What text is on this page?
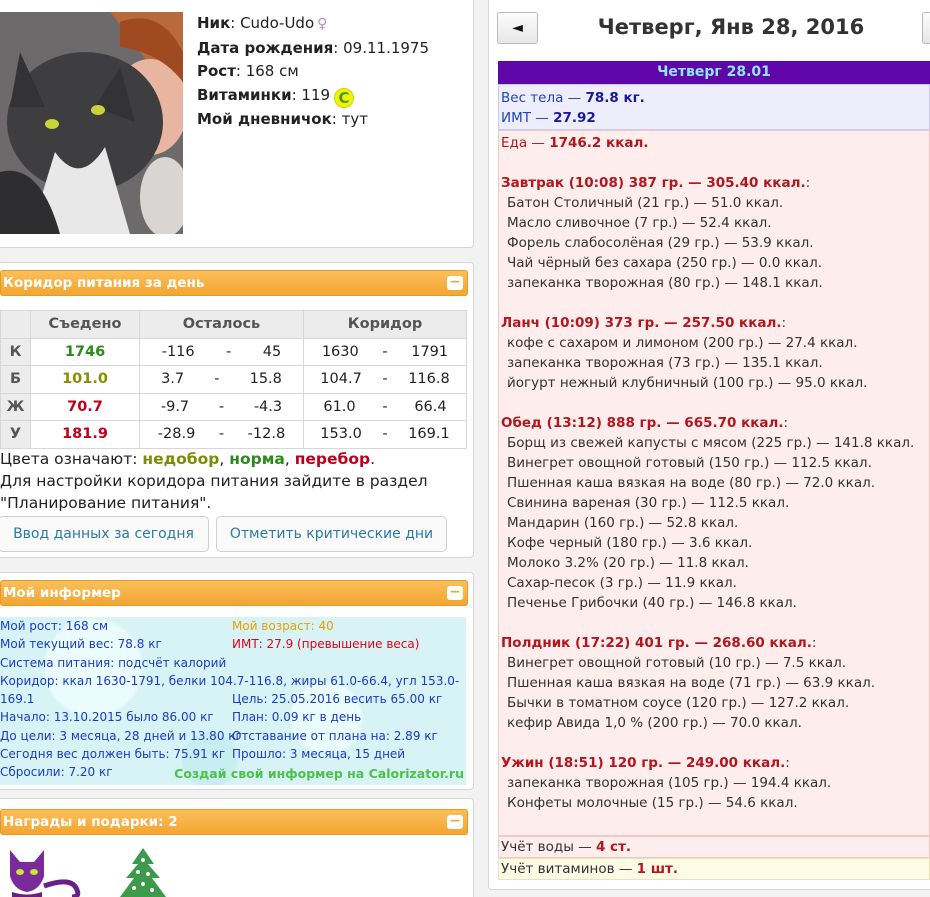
Ник: Cudo-Udo ♀
Дата рождения: 09.11.1975
Рост: 168 см
Витаминки: 119 C
Мой дневничок: тут
Коридор питания за день	−
	Съедено	Осталось	Коридор
К	1746	-116 - 45	1630 - 1791

Б	101.0	3.7 - 15.8	104.7 - 116.8

Ж	70.7	-9.7 - -4.3	61.0 - 66.4

У	181.9	-28.9 - -12.8	153.0 - 169.1
Цвета означают: недобор, норма, перебор.
Для настройки коридора питания зайдите в раздел "Планирование питания".
Ввод данных за сегодня	Отметить критические дни
Мой информер	−
Мой рост: 168 см
Мой текущий вес: 78.8 кг
Система питания: подсчёт калорий
Коридор: ккал 1630-1791, белки 104.7-116.8, жиры 61.0-66.4, угл 153.0-169.1
Начало: 13.10.2015 было 86.00 кг
До цели: 3 месяца, 28 дней и 13.80 кг
Сегодня вес должен быть: 75.91 кг
Сбросили: 7.20 кг
Мой возраст: 40
ИМТ: 27.9 (превышение веса)

Цель: 25.05.2016 весить 65.00 кг
План: 0.09 кг в день
Отставание от плана на: 2.89 кг
Прошло: 3 месяца, 15 дней
Создай свой информер на Calorizator.ru
Награды и подарки: 2	−
◄	Четверг, Янв 28, 2016
Четверг 28.01
Вес тела — 78.8 кг.
ИМТ — 27.92
Еда — 1746.2 ккал.
Завтрак (10:08) 387 гр. — 305.40 ккал.:
Батон Столичный (21 гр.) — 51.0 ккал.
Масло сливочное (7 гр.) — 52.4 ккал.
Форель слабосолёная (29 гр.) — 53.9 ккал.
Чай чёрный без сахара (250 гр.) — 0.0 ккал.
запеканка творожная (80 гр.) — 148.1 ккал.
Ланч (10:09) 373 гр. — 257.50 ккал.:
кофе с сахаром и лимоном (200 гр.) — 27.4 ккал.
запеканка творожная (73 гр.) — 135.1 ккал.
йогурт нежный клубничный (100 гр.) — 95.0 ккал.
Обед (13:12) 888 гр. — 665.70 ккал.:
Борщ из свежей капусты с мясом (225 гр.) — 141.8 ккал.
Винегрет овощной готовый (150 гр.) — 112.5 ккал.
Пшенная каша вязкая на воде (80 гр.) — 72.0 ккал.
Свинина вареная (30 гр.) — 112.5 ккал.
Мандарин (160 гр.) — 52.8 ккал.
Кофе черный (180 гр.) — 3.6 ккал.
Молоко 3.2% (20 гр.) — 11.8 ккал.
Сахар-песок (3 гр.) — 11.9 ккал.
Печенье Грибочки (40 гр.) — 146.8 ккал.
Полдник (17:22) 401 гр. — 268.60 ккал.:
Винегрет овощной готовый (10 гр.) — 7.5 ккал.
Пшенная каша вязкая на воде (71 гр.) — 63.9 ккал.
Бычки в томатном соусе (120 гр.) — 127.2 ккал.
кефир Авида 1,0 % (200 гр.) — 70.0 ккал.
Ужин (18:51) 120 гр. — 249.00 ккал.:
запеканка творожная (105 гр.) — 194.4 ккал.
Конфеты молочные (15 гр.) — 54.6 ккал.
Учёт воды — 4 ст.
Учёт витаминов — 1 шт.
